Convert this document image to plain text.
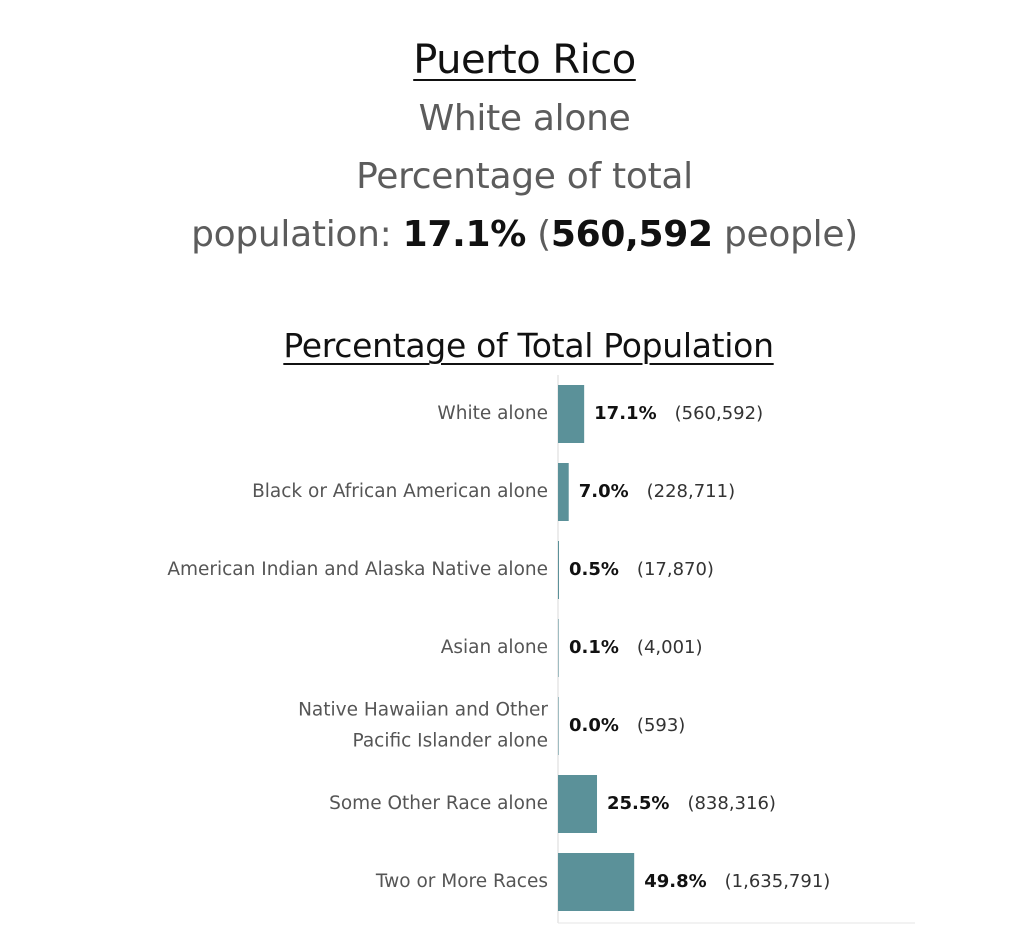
Puerto Rico
White alone
Percentage of total
population: 17.1% (560,592 people)
Percentage of Total Population
White alone	17.1% (560,592)
Black or African American alone 7.0% (228,711)
American Indian and Alaska Native alone 0.5% (17,870)
Asian alone 0.1% (4,001)
Native Hawaiian and Other
Pacific Islander alone
0.0% (593)
Some Other Race alone	25.5% (838,316)
Two or More Races	49.8% (1,635,791)
